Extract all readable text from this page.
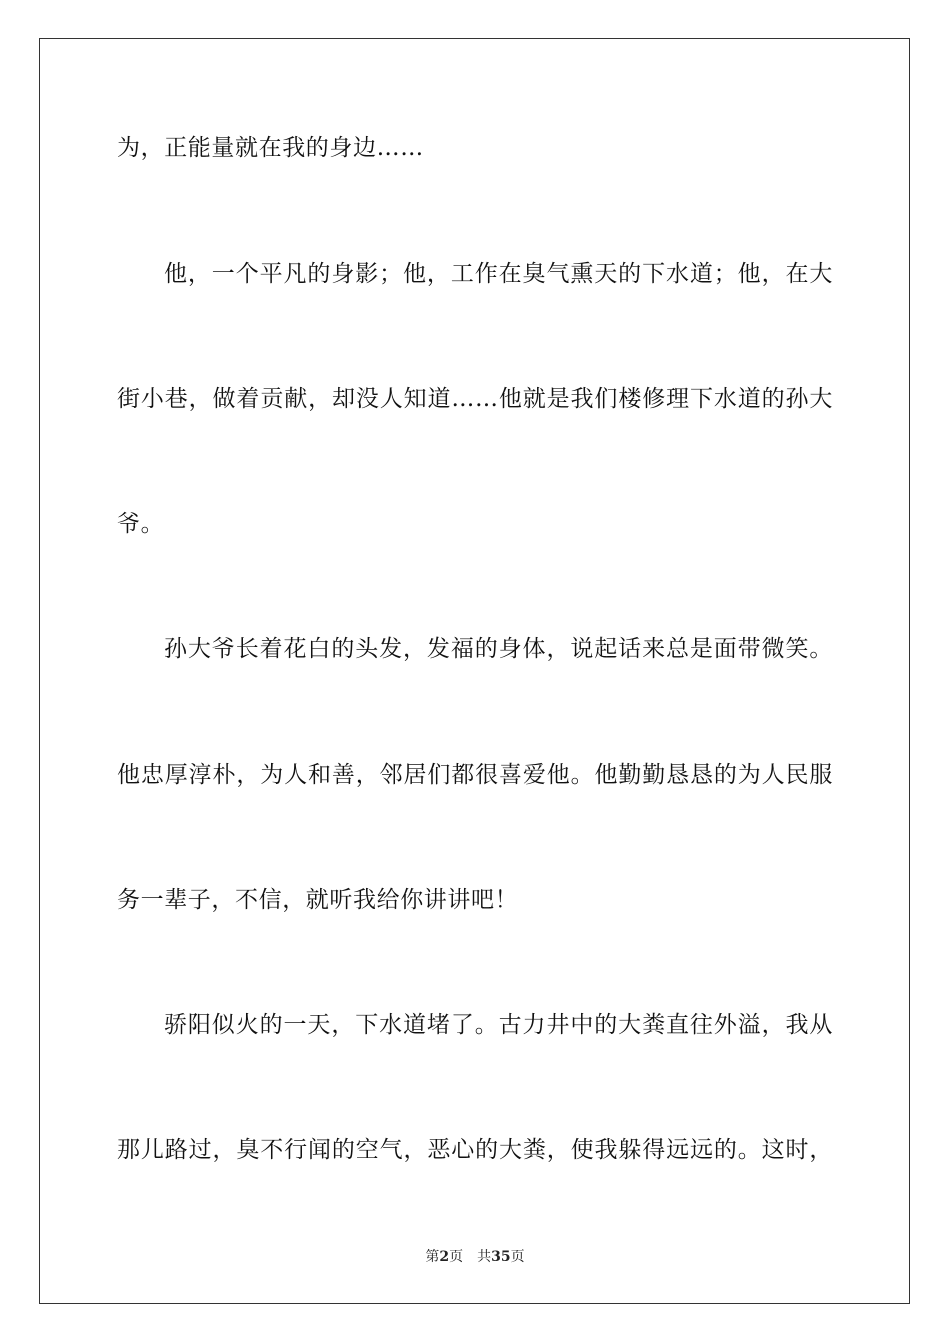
为，正能量就在我的身边……
他，一个平凡的身影；他，工作在臭气熏天的下水道；他，在大
街小巷，做着贡献，却没人知道……他就是我们楼修理下水道的孙大
爷。
孙大爷长着花白的头发，发福的身体，说起话来总是面带微笑。
他忠厚淳朴，为人和善，邻居们都很喜爱他。他勤勤恳恳的为人民服
务一辈子，不信，就听我给你讲讲吧！
骄阳似火的一天，下水道堵了。古力井中的大粪直往外溢，我从
那儿路过，臭不行闻的空气，恶心的大粪，使我躲得远远的。这时，
第2页 共35页
